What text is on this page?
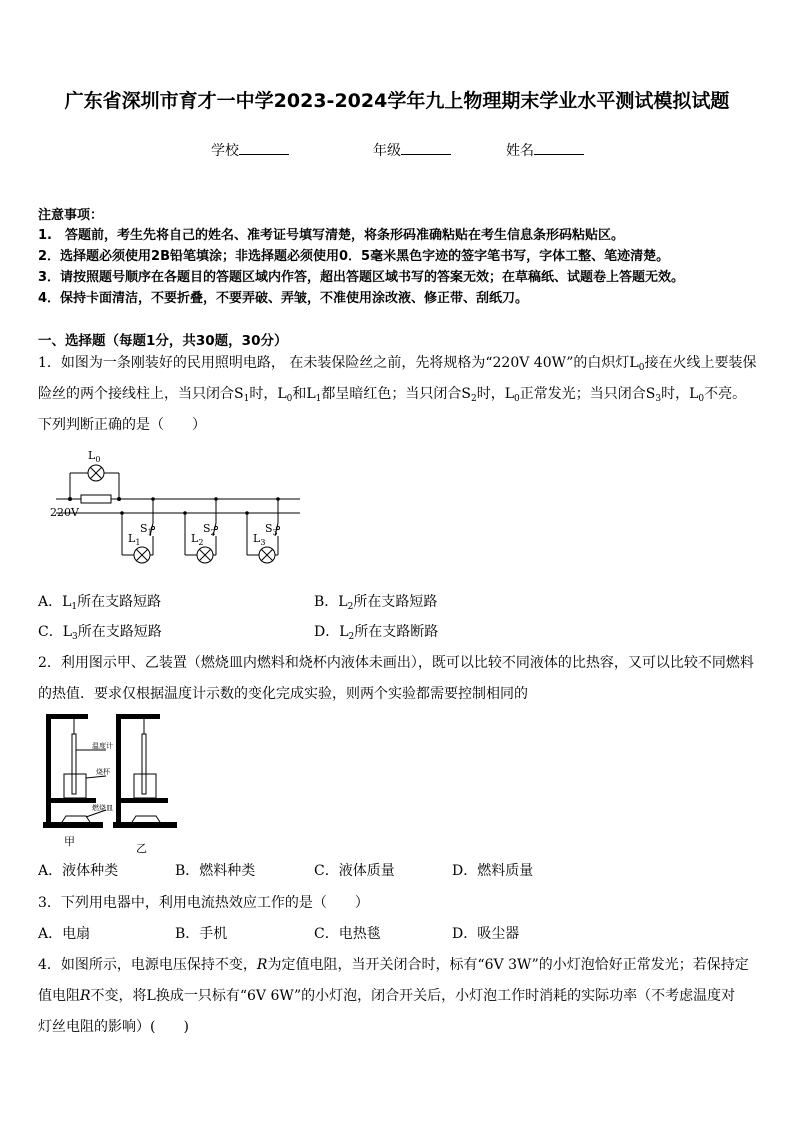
广东省深圳市育才一中学2023-2024学年九上物理期末学业水平测试模拟试题
学校	年级	姓名
注意事项：
1.　答题前，考生先将自己的姓名、准考证号填写清楚，将条形码准确粘贴在考生信息条形码粘贴区。
2．选择题必须使用2B铅笔填涂；非选择题必须使用0．5毫米黑色字迹的签字笔书写，字体工整、笔迹清楚。
3．请按照题号顺序在各题目的答题区域内作答，超出答题区域书写的答案无效；在草稿纸、试题卷上答题无效。
4．保持卡面清洁，不要折叠，不要弄破、弄皱，不准使用涂改液、修正带、刮纸刀。
一、选择题（每题1分，共30题，30分）
1．如图为一条刚装好的民用照明电路， 在未装保险丝之前，先将规格为“220V 40W”的白炽灯$L_0$接在火线上要装保
险丝的两个接线柱上，当只闭合$S_1$时，$L_0$和$L_1$都呈暗红色；当只闭合$S_2$时，$L_0$正常发光；当只闭合$S_3$时，$L_0$不亮。
下列判断正确的是（　　）
$L_0$
220V
$S_1$	$S_2$	$S_3$
$L_1$	$L_2$	$L_3$
A．$L_1$所在支路短路	B．$L_2$所在支路短路
C．$L_3$所在支路短路	D．$L_2$所在支路断路
2．利用图示甲、乙装置（燃烧皿内燃料和烧杯内液体未画出），既可以比较不同液体的比热容，又可以比较不同燃料
的热值．要求仅根据温度计示数的变化完成实验，则两个实验都需要控制相同的
温度计
烧杯
燃烧皿
甲
乙
A．液体种类	B．燃料种类	C．液体质量	D．燃料质量
3．下列用电器中，利用电流热效应工作的是（　　）
A．电扇	B．手机	C．电热毯	D．吸尘器
4．如图所示，电源电压保持不变，R为定值电阻，当开关闭合时，标有“6V 3W”的小灯泡恰好正常发光；若保持定
值电阻R不变，将L换成一只标有“6V 6W”的小灯泡，闭合开关后，小灯泡工作时消耗的实际功率（不考虑温度对
灯丝电阻的影响）(　　)
